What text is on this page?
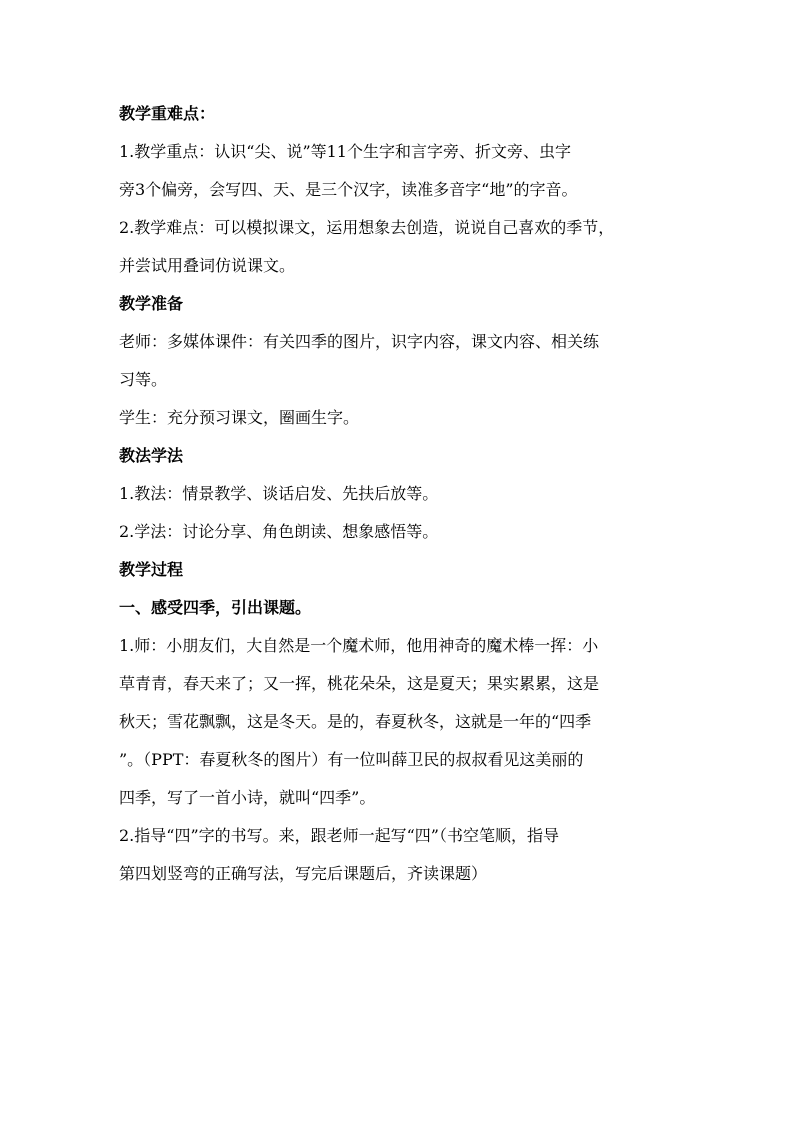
教学重难点：
1.教学重点：认识“尖、说”等11个生字和言字旁、折文旁、虫字
旁3个偏旁，会写四、天、是三个汉字，读准多音字“地”的字音。
2.教学难点：可以模拟课文，运用想象去创造，说说自己喜欢的季节，
并尝试用叠词仿说课文。
教学准备
老师：多媒体课件：有关四季的图片，识字内容，课文内容、相关练
习等。
学生：充分预习课文，圈画生字。
教法学法
1.教法：情景教学、谈话启发、先扶后放等。
2.学法：讨论分享、角色朗读、想象感悟等。
教学过程
一、感受四季，引出课题。
1.师：小朋友们，大自然是一个魔术师，他用神奇的魔术棒一挥：小
草青青，春天来了；又一挥，桃花朵朵，这是夏天；果实累累，这是
秋天；雪花飘飘，这是冬天。是的，春夏秋冬，这就是一年的“四季
”。（PPT：春夏秋冬的图片）有一位叫薛卫民的叔叔看见这美丽的
四季，写了一首小诗，就叫“四季”。
2.指导“四”字的书写。来，跟老师一起写“四”（书空笔顺，指导
第四划竖弯的正确写法，写完后课题后，齐读课题）
